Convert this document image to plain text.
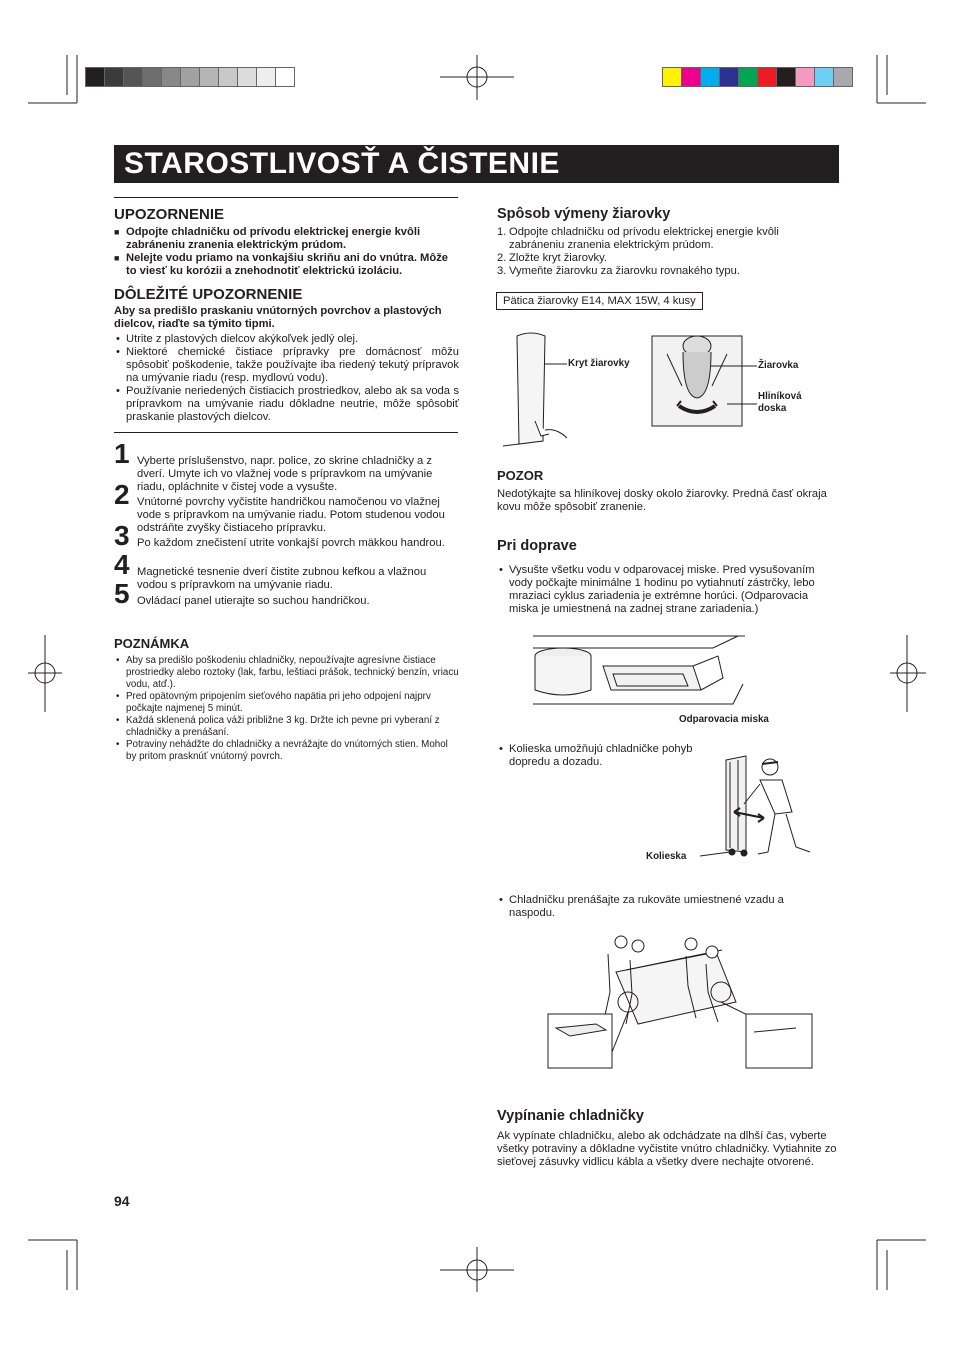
STAROSTLIVOSŤ A ČISTENIE

UPOZORNENIE

■ Odpojte chladničku od prívodu elektrickej energie kvôli zabráneniu zranenia elektrickým prúdom.
■ Nelejte vodu priamo na vonkajšiu skriňu ani do vnútra. Môže to viesť ku korózii a znehodnotiť elektrickú izoláciu.

DÔLEŽITÉ UPOZORNENIE

Aby sa predišlo praskaniu vnútorných povrchov a plastových dielcov, riaďte sa týmito tipmi.

• Utrite z plastových dielcov akýkoľvek jedlý olej.
• Niektoré chemické čistiace prípravky pre domácnosť môžu spôsobiť poškodenie, takže používajte iba riedený tekutý prípravok na umývanie riadu (resp. mydlovú vodu).
• Používanie neriedených čistiacich prostriedkov, alebo ak sa voda s prípravkom na umývanie riadu dôkladne neutrie, môže spôsobiť praskanie plastových dielcov.
1 Vyberte príslušenstvo, napr. police, zo skrine chladničky a z dverí. Umyte ich vo vlažnej vode s prípravkom na umývanie riadu, opláchnite v čistej vode a vysušte.

2 Vnútorné povrchy vyčistite handričkou namočenou vo vlažnej vode s prípravkom na umývanie riadu. Potom studenou vodou odstráňte zvyšky čistiaceho prípravku.

3 Po každom znečistení utrite vonkajší povrch mäkkou handrou.

4 Magnetické tesnenie dverí čistite zubnou kefkou a vlažnou vodou s prípravkom na umývanie riadu.

5 Ovládací panel utierajte so suchou handričkou.

POZNÁMKA

• Aby sa predišlo poškodeniu chladničky, nepoužívajte agresívne čistiace prostriedky alebo roztoky (lak, farbu, leštiaci prášok, technický benzín, vriacu vodu, atď.).
• Pred opätovným pripojením sieťového napätia pri jeho odpojení najprv počkajte najmenej 5 minút.
• Každá sklenená polica váži približne 3 kg. Držte ich pevne pri vyberaní z chladničky a prenášaní.
• Potraviny nehádžte do chladničky a nevrážajte do vnútorných stien. Mohol by pritom prasknúť vnútorný povrch.
94

Spôsob výmeny žiarovky

1. Odpojte chladničku od prívodu elektrickej energie kvôli zabráneniu zranenia elektrickým prúdom.
2. Zložte kryt žiarovky.
3. Vymeňte žiarovku za žiarovku rovnakého typu.
Pätica žiarovky E14, MAX 15W, 4 kusy
Kryt žiarovky	Žiarovka
Hliníková doska

POZOR

Nedotýkajte sa hliníkovej dosky okolo žiarovky. Predná časť okraja kovu môže spôsobiť zranenie.

Pri doprave

• Vysušte všetku vodu v odparovacej miske. Pred vysušovaním vody počkajte minimálne 1 hodinu po vytiahnutí zástrčky, lebo mraziaci cyklus zariadenia je extrémne horúci. (Odparovacia miska je umiestnená na zadnej strane zariadenia.)
Odparovacia miska
• Kolieska umožňujú chladničke pohyb dopredu a dozadu.
Kolieska
• Chladničku prenášajte za rukoväte umiestnené vzadu a naspodu.

Vypínanie chladničky

Ak vypínate chladničku, alebo ak odchádzate na dlhší čas, vyberte všetky potraviny a dôkladne vyčistite vnútro chladničky. Vytiahnite zo sieťovej zásuvky vidlicu kábla a všetky dvere nechajte otvorené.
